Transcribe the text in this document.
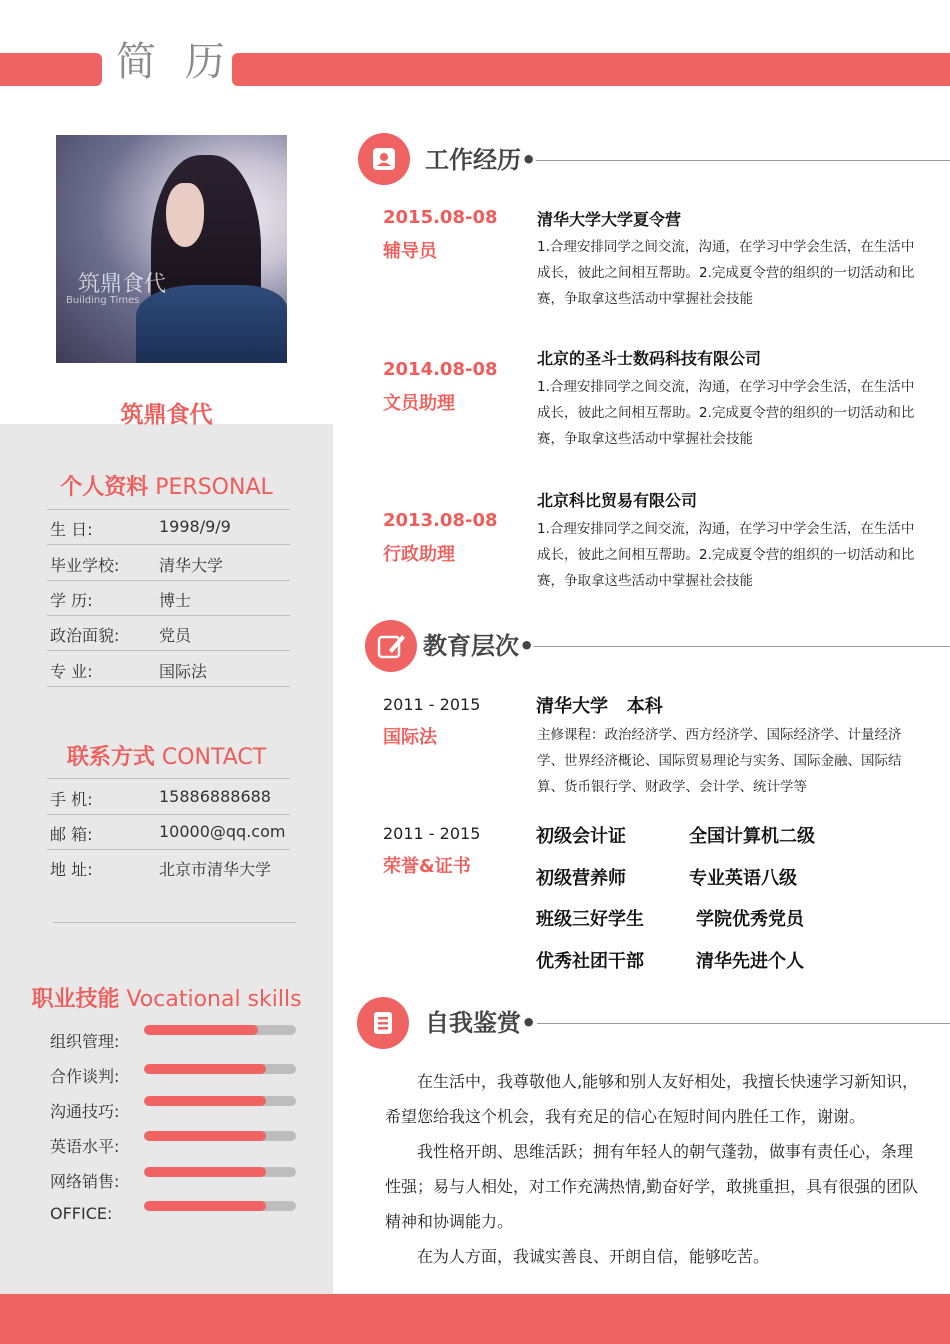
简 历
筑鼎食代
Building Times
筑鼎食代
个人资料 PERSONAL
生 日:	1998/9/9
毕业学校: 清华大学
学 历:	博士
政治面貌: 党员
专 业:	国际法
联系方式 CONTACT
手 机:	15886888688
邮 箱:	10000@qq.com
地 址:	北京市清华大学
职业技能 Vocational skills
组织管理:
合作谈判:
沟通技巧:
英语水平:
网络销售:
OFFICE:
工作经历•
2015.08-08
辅导员
清华大学大学夏令营
1.合理安排同学之间交流，沟通，在学习中学会生活，在生活中成长，彼此之间相互帮助。2.完成夏令营的组织的一切活动和比赛，争取拿这些活动中掌握社会技能
2014.08-08
文员助理
北京的圣斗士数码科技有限公司
1.合理安排同学之间交流，沟通，在学习中学会生活，在生活中成长，彼此之间相互帮助。2.完成夏令营的组织的一切活动和比赛，争取拿这些活动中掌握社会技能
2013.08-08
行政助理
北京科比贸易有限公司
1.合理安排同学之间交流，沟通，在学习中学会生活，在生活中成长，彼此之间相互帮助。2.完成夏令营的组织的一切活动和比赛，争取拿这些活动中掌握社会技能
教育层次•
2011 - 2015
国际法
清华大学   本科
主修课程：政治经济学、西方经济学、国际经济学、计量经济学、世界经济概论、国际贸易理论与实务、国际金融、国际结算、货币银行学、财政学、会计学、统计学等
2011 - 2015
荣誉&证书
初级会计证	全国计算机二级
初级营养师	专业英语八级
班级三好学生	学院优秀党员
优秀社团干部	清华先进个人
自我鉴赏•

在生活中，我尊敬他人,能够和别人友好相处，我擅长快速学习新知识，希望您给我这个机会，我有充足的信心在短时间内胜任工作，谢谢。

我性格开朗、思维活跃；拥有年轻人的朝气蓬勃，做事有责任心，条理性强；易与人相处，对工作充满热情,勤奋好学，敢挑重担，具有很强的团队精神和协调能力。

在为人方面，我诚实善良、开朗自信，能够吃苦。
